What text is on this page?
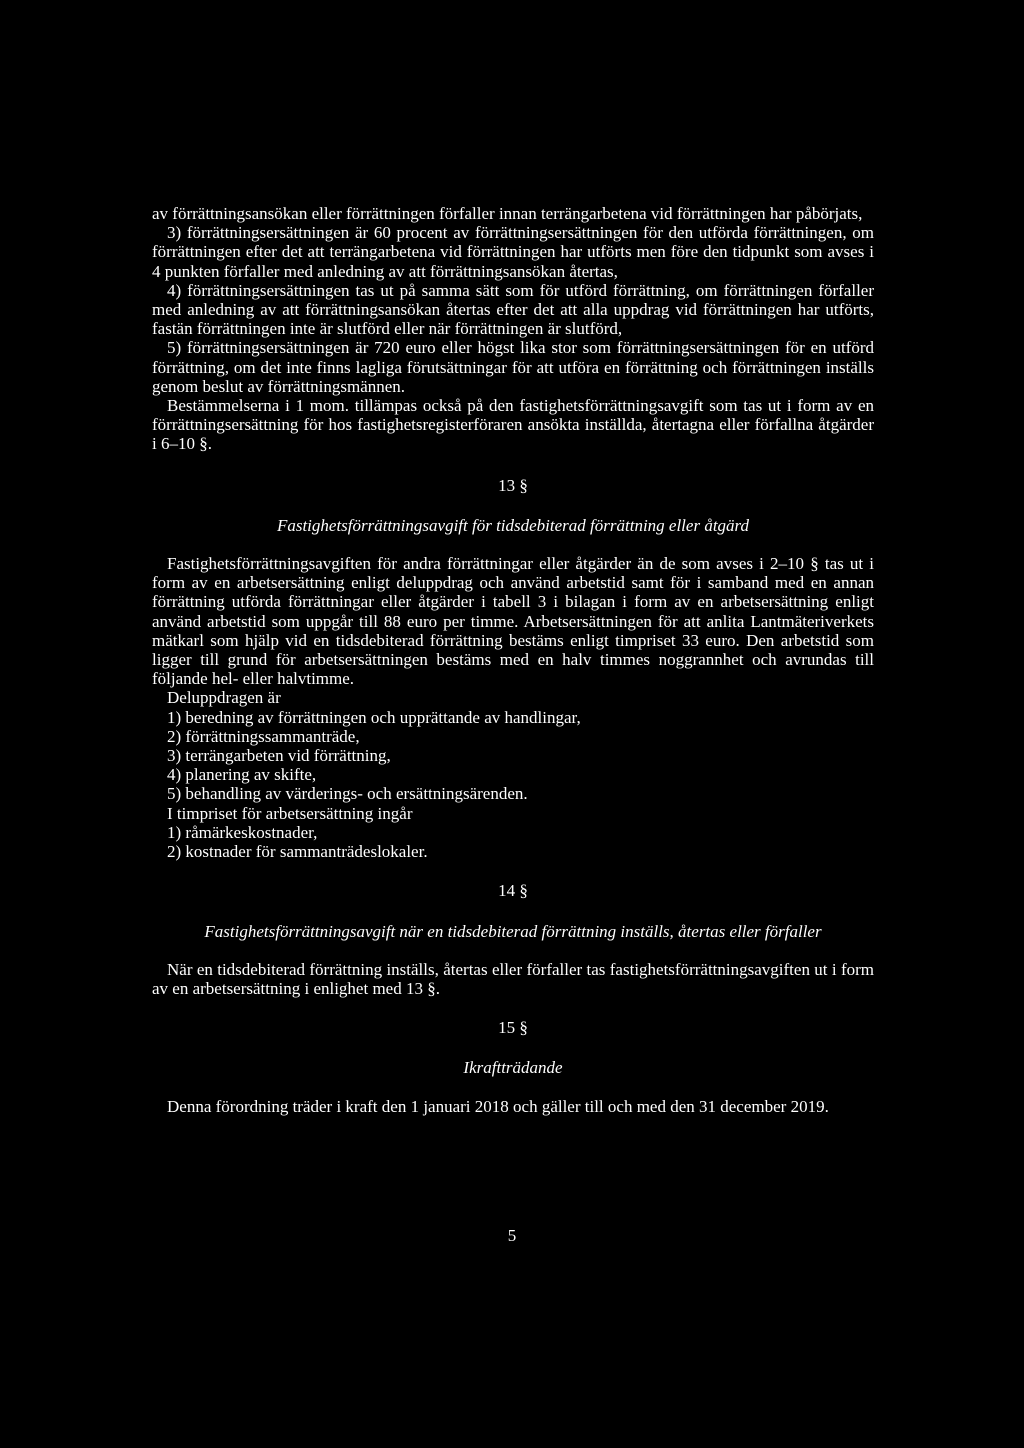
av förrättningsansökan eller förrättningen förfaller innan terrängarbetena vid förrättningen har påbörjats,

3) förrättningsersättningen är 60 procent av förrättningsersättningen för den utförda förrättningen, om förrättningen efter det att terrängarbetena vid förrättningen har utförts men före den tidpunkt som avses i 4 punkten förfaller med anledning av att förrättningsansökan återtas,

4) förrättningsersättningen tas ut på samma sätt som för utförd förrättning, om förrättningen förfaller med anledning av att förrättningsansökan återtas efter det att alla uppdrag vid förrättningen har utförts, fastän förrättningen inte är slutförd eller när förrättningen är slutförd,

5) förrättningsersättningen är 720 euro eller högst lika stor som förrättningsersättningen för en utförd förrättning, om det inte finns lagliga förutsättningar för att utföra en förrättning och förrättningen inställs genom beslut av förrättningsmännen.

Bestämmelserna i 1 mom. tillämpas också på den fastighetsförrättningsavgift som tas ut i form av en förrättningsersättning för hos fastighetsregisterföraren ansökta inställda, återtagna eller förfallna åtgärder i 6–10 §.

13 §
Fastighetsförrättningsavgift för tidsdebiterad förrättning eller åtgärd

Fastighetsförrättningsavgiften för andra förrättningar eller åtgärder än de som avses i 2–10 § tas ut i form av en arbetsersättning enligt deluppdrag och använd arbetstid samt för i samband med en annan förrättning utförda förrättningar eller åtgärder i tabell 3 i bilagan i form av en arbetsersättning enligt använd arbetstid som uppgår till 88 euro per timme. Arbetsersättningen för att anlita Lantmäteriverkets mätkarl som hjälp vid en tidsdebiterad förrättning bestäms enligt timpriset 33 euro. Den arbetstid som ligger till grund för arbetsersättningen bestäms med en halv timmes noggrannhet och avrundas till följande hel- eller halvtimme.

Deluppdragen är

1) beredning av förrättningen och upprättande av handlingar,

2) förrättningssammanträde,

3) terrängarbeten vid förrättning,

4) planering av skifte,

5) behandling av värderings- och ersättningsärenden.

I timpriset för arbetsersättning ingår

1) råmärkeskostnader,

2) kostnader för sammanträdeslokaler.

14 §
Fastighetsförrättningsavgift när en tidsdebiterad förrättning inställs, återtas eller förfaller

När en tidsdebiterad förrättning inställs, återtas eller förfaller tas fastighetsförrättningsavgiften ut i form av en arbetsersättning i enlighet med 13 §.

15 §
Ikraftträdande

Denna förordning träder i kraft den 1 januari 2018 och gäller till och med den 31 december 2019.

5
